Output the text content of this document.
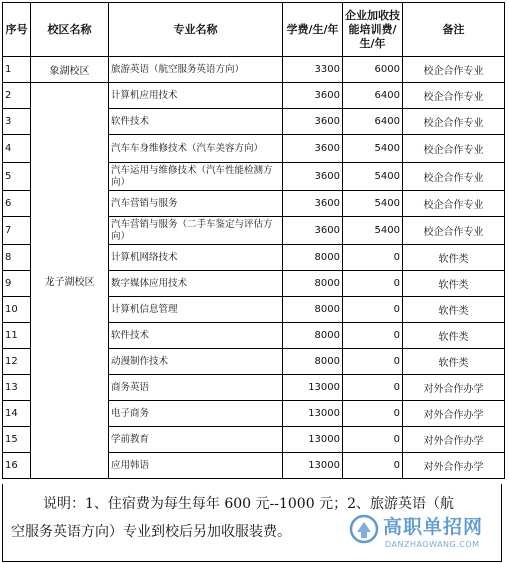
序号	校区名称	专业名称	学费/生/年	企业加收技能培训费/生/年	备注
1	象湖校区	旅游英语（航空服务英语方向）	3300	6000	校企合作专业
2	龙子湖校区	计算机应用技术	3600	6400	校企合作专业
3		软件技术	3600	6400	校企合作专业
4		汽车车身维修技术（汽车美容方向）	3600	5400	校企合作专业
5		汽车运用与维修技术（汽车性能检测方向）	3600	5400	校企合作专业
6		汽车营销与服务	3600	5400	校企合作专业
7		汽车营销与服务（二手车鉴定与评估方向）	3600	5400	校企合作专业
8		计算机网络技术	8000	0	软件类
9		数字媒体应用技术	8000	0	软件类
10		计算机信息管理	8000	0	软件类
11		软件技术	8000	0	软件类
12		动漫制作技术	8000	0	软件类
13		商务英语	13000	0	对外合作办学
14		电子商务	13000	0	对外合作办学
15		学前教育	13000	0	对外合作办学
16		应用韩语	13000	0	对外合作办学
说明：1、住宿费为每生每年 600 元--1000 元；2、旅游英语（航
空服务英语方向）专业到校后另加收服装费。	高职单招网
DANZHAOWANG.COM
